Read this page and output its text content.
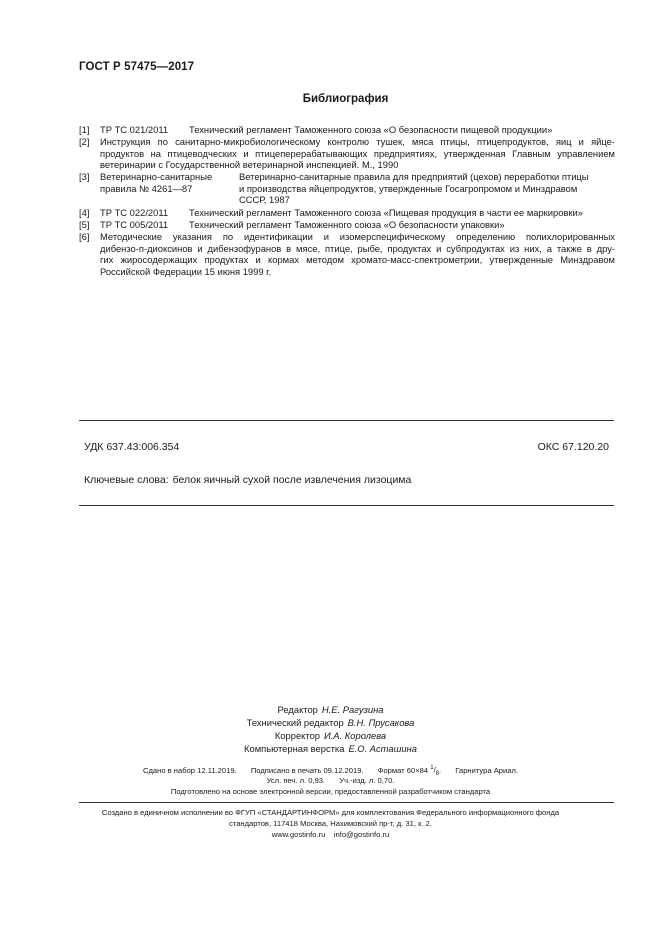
ГОСТ Р 57475—2017
Библиография
[1] ТР ТС 021/2011 Технический регламент Таможенного союза «О безопасности пищевой продукции»
[2] Инструкция по санитарно-микробиологическому контролю тушек, мяса птицы, птицепродуктов, яиц и яйце-
продуктов на птицеводческих и птицеперерабатывающих предприятиях, утвержденная Главным управлением
ветеринарии с Государственной ветеринарной инспекцией. М., 1990
[3] Ветеринарно-санитарные
правила № 4261—87
Ветеринарно-санитарные правила для предприятий (цехов) переработки птицы
и производства яйцепродуктов, утвержденные Госагропромом и Минздравом
СССР, 1987
[4] ТР ТС 022/2011 Технический регламент Таможенного союза «Пищевая продукция в части ее маркировки»
[5] ТР ТС 005/2011 Технический регламент Таможенного союза «О безопасности упаковки»
[6] Методические указания по идентификации и изомерспецифическому определению полихлорированных
дибензо-п-диоксинов и дибензофуранов в мясе, птице, рыбе, продуктах и субпродуктах из них, а также в дру-
гих жиросодержащих продуктах и кормах методом хромато-масс-спектрометрии, утвержденные Минздравом
Российской Федерации 15 июня 1999 г.
УДК 637.43:006.354	ОКС 67.120.20
Ключевые слова: белок яичный сухой после извлечения лизоцима
Редактор Н.Е. Рагузина
Технический редактор В.Н. Прусакова
Корректор И.А. Королева
Компьютерная верстка Е.О. Асташина
Сдано в набор 12.11.2019. Подписано в печать 09.12.2019. Формат 60×84 $^1/_8$. Гарнитура Ариал.
Усл. печ. л. 0,93. Уч.-изд. л. 0,70.
Подготовлено на основе электронной версии, предоставленной разработчиком стандарта
Создано в единичном исполнении во ФГУП «СТАНДАРТИНФОРМ» для комплектования Федерального информационного фонда
стандартов, 117418 Москва, Нахимовский пр-т, д. 31, к. 2.
www.gostinfo.ru info@gostinfo.ru
